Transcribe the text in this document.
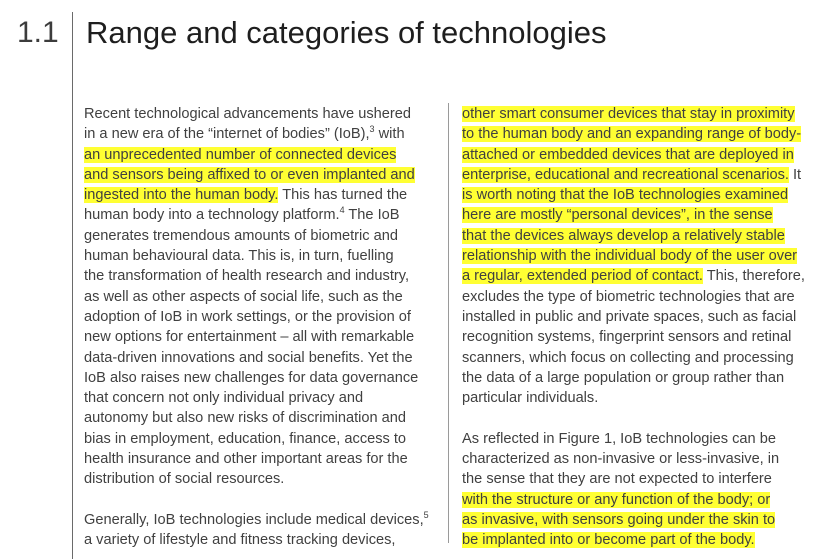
1.1 Range and categories of technologies
Recent technological advancements have ushered
in a new era of the “internet of bodies” (IoB),$^3$ with
an unprecedented number of connected devices
and sensors being affixed to or even implanted and
ingested into the human body. This has turned the
human body into a technology platform.$^4$ The IoB
generates tremendous amounts of biometric and
human behavioural data. This is, in turn, fuelling
the transformation of health research and industry,
as well as other aspects of social life, such as the
adoption of IoB in work settings, or the provision of
new options for entertainment – all with remarkable
data-driven innovations and social benefits. Yet the
IoB also raises new challenges for data governance
that concern not only individual privacy and
autonomy but also new risks of discrimination and
bias in employment, education, finance, access to
health insurance and other important areas for the
distribution of social resources.
Generally, IoB technologies include medical devices,$^5$
a variety of lifestyle and fitness tracking devices,
other smart consumer devices that stay in proximity
to the human body and an expanding range of body-
attached or embedded devices that are deployed in
enterprise, educational and recreational scenarios. It
is worth noting that the IoB technologies examined
here are mostly “personal devices”, in the sense
that the devices always develop a relatively stable
relationship with the individual body of the user over
a regular, extended period of contact. This, therefore,
excludes the type of biometric technologies that are
installed in public and private spaces, such as facial
recognition systems, fingerprint sensors and retinal
scanners, which focus on collecting and processing
the data of a large population or group rather than
particular individuals.
As reflected in Figure 1, IoB technologies can be
characterized as non-invasive or less-invasive, in
the sense that they are not expected to interfere
with the structure or any function of the body; or
as invasive, with sensors going under the skin to
be implanted into or become part of the body.
